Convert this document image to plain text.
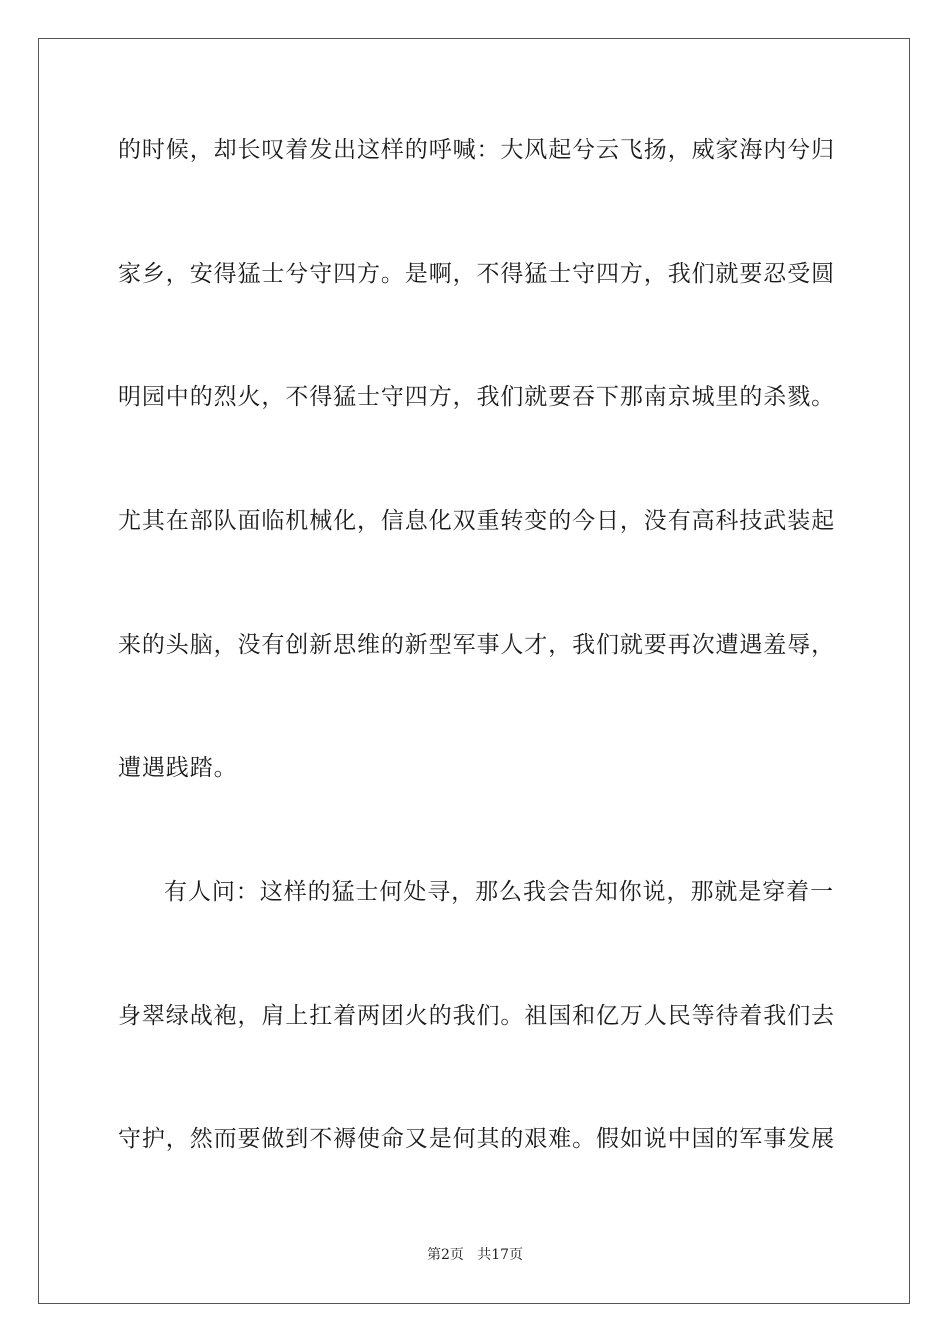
的时候，却长叹着发出这样的呼喊：大风起兮云飞扬，威家海内兮归
家乡，安得猛士兮守四方。是啊，不得猛士守四方，我们就要忍受圆
明园中的烈火，不得猛士守四方，我们就要吞下那南京城里的杀戮。
尤其在部队面临机械化，信息化双重转变的今日，没有高科技武装起
来的头脑，没有创新思维的新型军事人才，我们就要再次遭遇羞辱，
遭遇践踏。
有人问：这样的猛士何处寻，那么我会告知你说，那就是穿着一
身翠绿战袍，肩上扛着两团火的我们。祖国和亿万人民等待着我们去
守护，然而要做到不褥使命又是何其的艰难。假如说中国的军事发展
第2页   共17页
